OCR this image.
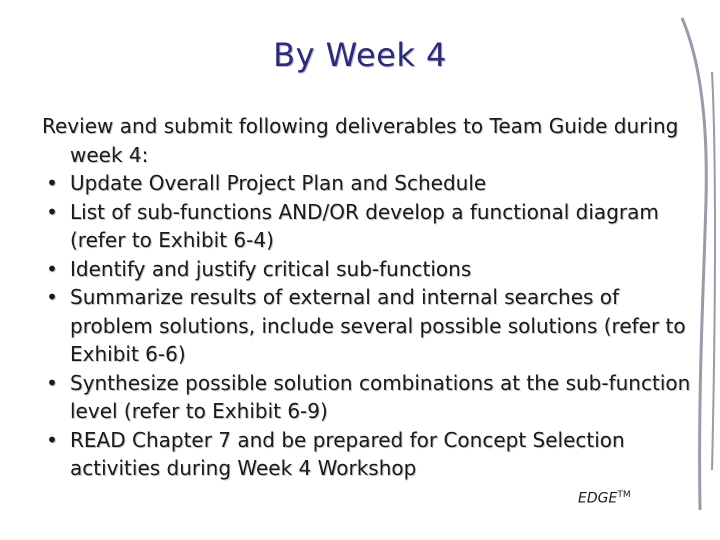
By Week 4
Review and submit following deliverables to Team Guide during week 4:
• Update Overall Project Plan and Schedule
• List of sub-functions AND/OR develop a functional diagram (refer to Exhibit 6-4)
• Identify and justify critical sub-functions
• Summarize results of external and internal searches of problem solutions, include several possible solutions (refer to Exhibit 6-6)
• Synthesize possible solution combinations at the sub-function level (refer to Exhibit 6-9)
• READ Chapter 7 and be prepared for Concept Selection activities during Week 4 Workshop
EDGE™
